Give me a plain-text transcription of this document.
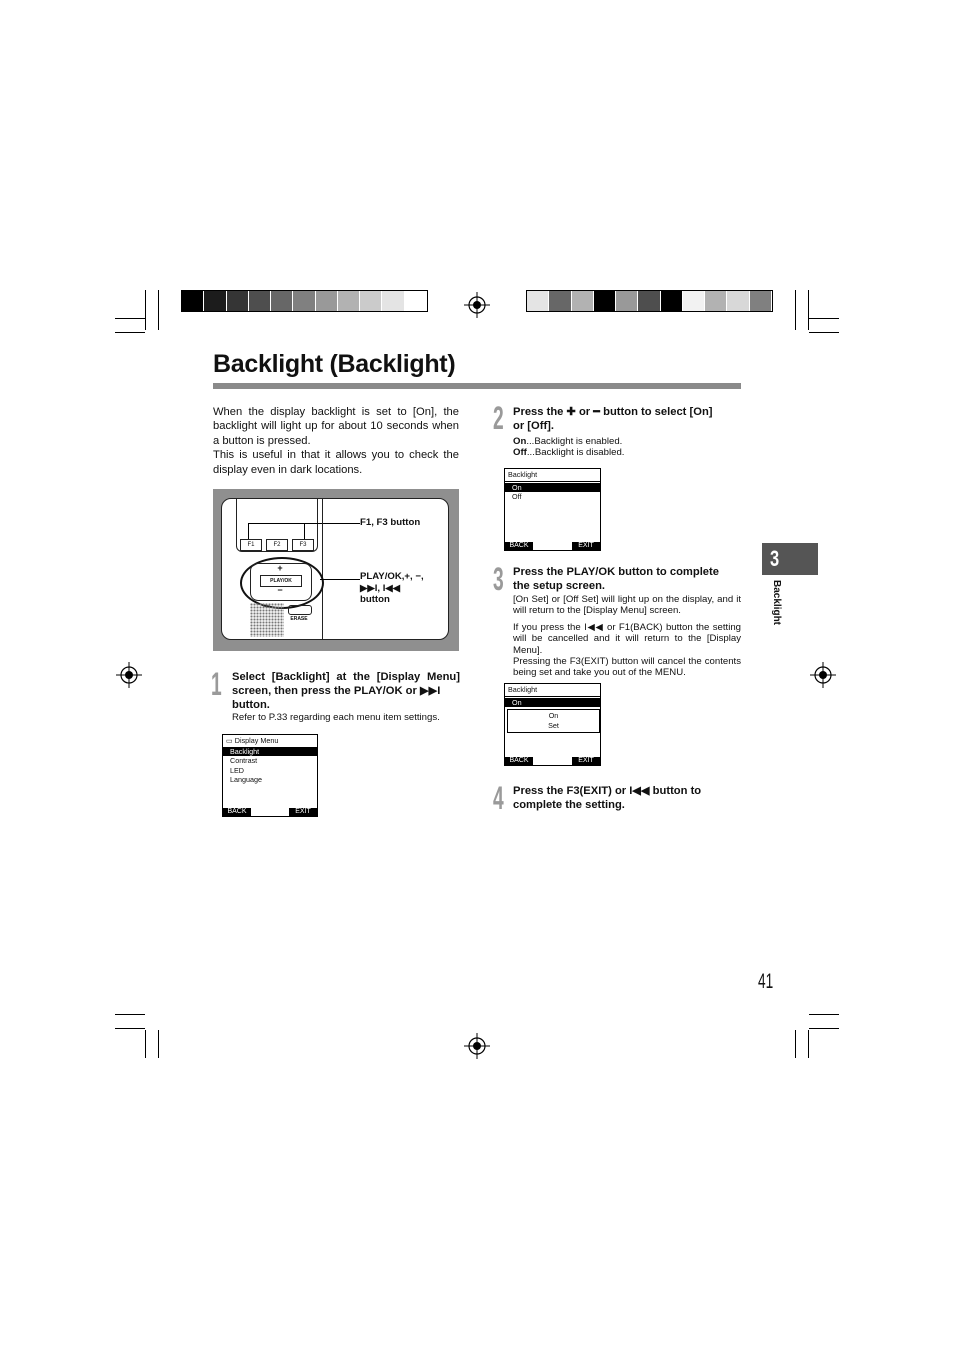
Backlight (Backlight)
When the display backlight is set to [On], the backlight will light up for about 10 seconds when a button is pressed.
This is useful in that it allows you to check the display even in dark locations.
F1	F2	F3
+
PLAY/OK
−
ERASE
F1, F3 button
PLAY/OK,+, −,
▶▶I, I◀◀
button
1 Select [Backlight] at the [Display Menu] screen, then press the PLAY/OK or ▶▶I
button.
Refer to P.33 regarding each menu item settings.
▭ Display Menu
Backlight
Contrast
LED
Language
BACK	EXIT
2 Press the ✚ or ━ button to select [On]
or [Off].
On...Backlight is enabled.
Off...Backlight is disabled.
Backlight
On
Off
BACK	EXIT
3 Press the PLAY/OK button to complete
the setup screen.
[On Set] or [Off Set] will light up on the display, and it will return to the [Display Menu] screen.
If you press the I◀◀ or F1(BACK) button the setting will be cancelled and it will return to the [Display Menu].
Pressing the F3(EXIT) button will cancel the contents being set and take you out of the MENU.
Backlight
On
On
Set
BACK	EXIT
4 Press the F3(EXIT) or I◀◀ button to
complete the setting.
3
Backlight
41
